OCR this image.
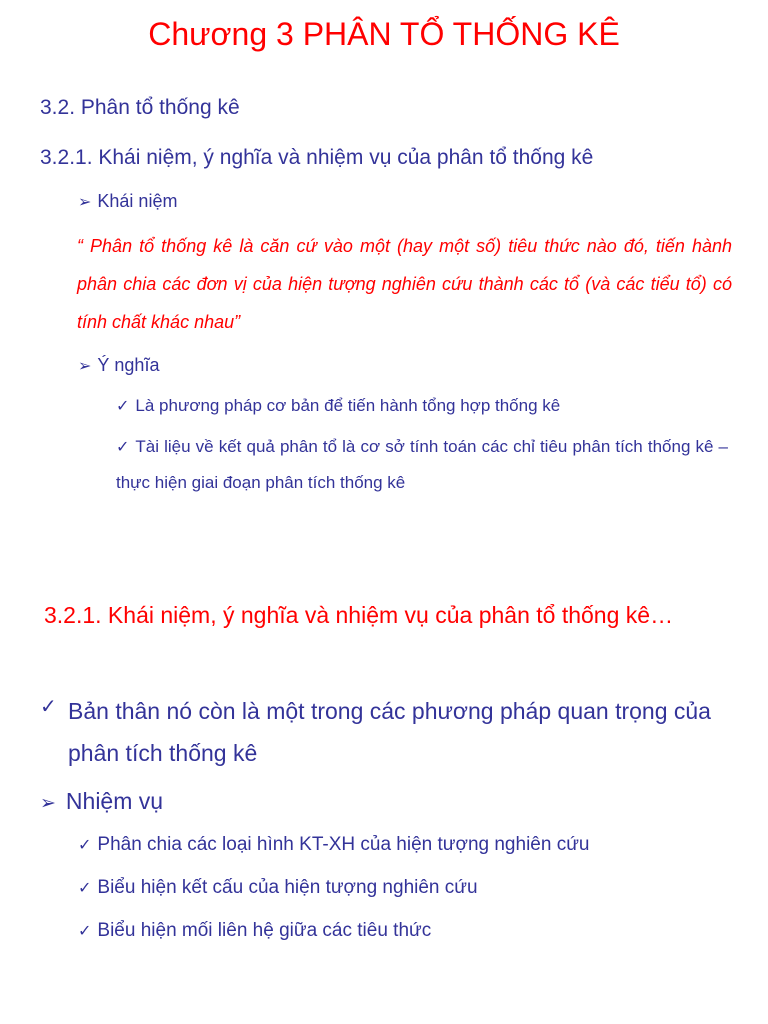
Chương 3 PHÂN TỔ THỐNG KÊ
3.2. Phân tổ thống kê
3.2.1. Khái niệm, ý nghĩa và nhiệm vụ của phân tổ thống kê
➢ Khái niệm

“ Phân tổ thống kê là căn cứ vào một (hay một số) tiêu thức nào đó, tiến hành phân chia các đơn vị của hiện tượng nghiên cứu thành các tổ (và các tiểu tổ) có tính chất khác nhau”

➢ Ý nghĩa
✓ Là phương pháp cơ bản để tiến hành tổng hợp thống kê
✓ Tài liệu về kết quả phân tổ là cơ sở tính toán các chỉ tiêu phân tích thống kê – thực hiện giai đoạn phân tích thống kê
3.2.1. Khái niệm, ý nghĩa và nhiệm vụ của phân tổ thống kê…
Bản thân nó còn là một trong các phương pháp quan trọng của phân tích thống kê
✓
➢ Nhiệm vụ
✓ Phân chia các loại hình KT-XH của hiện tượng nghiên cứu
✓ Biểu hiện kết cấu của hiện tượng nghiên cứu
✓ Biểu hiện mối liên hệ giữa các tiêu thức
